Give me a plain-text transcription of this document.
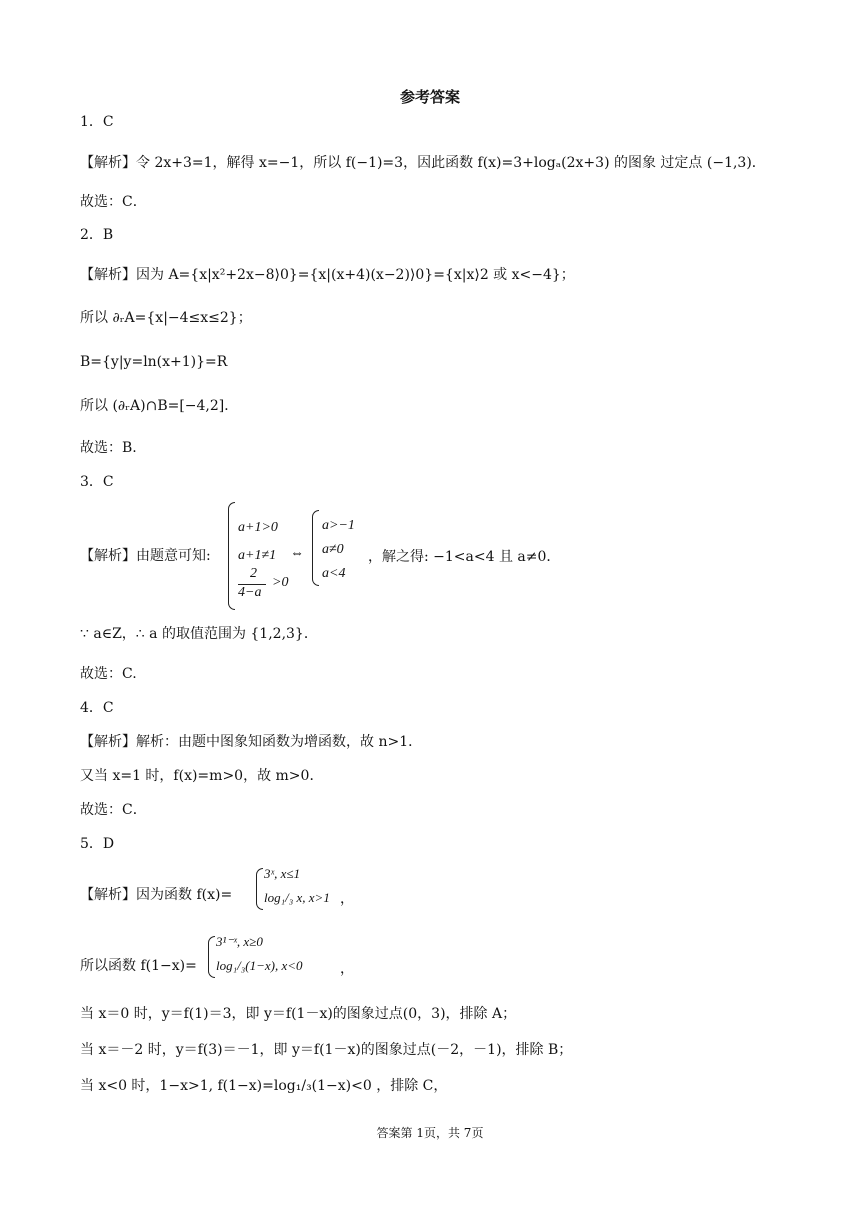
参考答案
1．C
【解析】令 2x+3=1，解得 x=−1，所以 f(−1)=3，因此函数 f(x)=3+logₐ(2x+3) 的图象 过定点 (−1,3)．
故选：C．
2．B
【解析】因为 A={x|x²+2x−8⟩0}={x|(x+4)(x−2)⟩0}={x|x⟩2 或 x<−4}；
所以 ∂ᵣA={x|−4≤x≤2}；
B={y|y=ln(x+1)}=R
所以 (∂ᵣA)∩B=[−4,2]．
故选：B.
3．C
【解析】由题意可知:
a+1>0
a+1≠1
2
4−a
>0
⇔
a>−1
a≠0
a<4
，解之得: −1<a<4 且 a≠0．
∵ a∈Z，∴ a 的取值范围为 {1,2,3}．
故选：C.
4．C
【解析】解析：由题中图象知函数为增函数，故 n>1．
又当 x=1 时，f(x)=m>0，故 m>0．
故选：C．
5．D
【解析】因为函数 f(x)=
3ˣ, x≤1
log₁/₃ x, x>1 ，
所以函数 f(1−x)=
3¹⁻ˣ, x≥0
log₁/₃(1−x), x<0	，
当 x＝0 时，y＝f(1)＝3，即 y＝f(1－x)的图象过点(0，3)，排除 A；
当 x＝－2 时，y＝f(3)＝－1，即 y＝f(1－x)的图象过点(－2，－1)，排除 B；
当 x<0 时，1−x>1, f(1−x)=log₁/₃(1−x)<0 ，排除 C，
答案第 1页，共 7页
